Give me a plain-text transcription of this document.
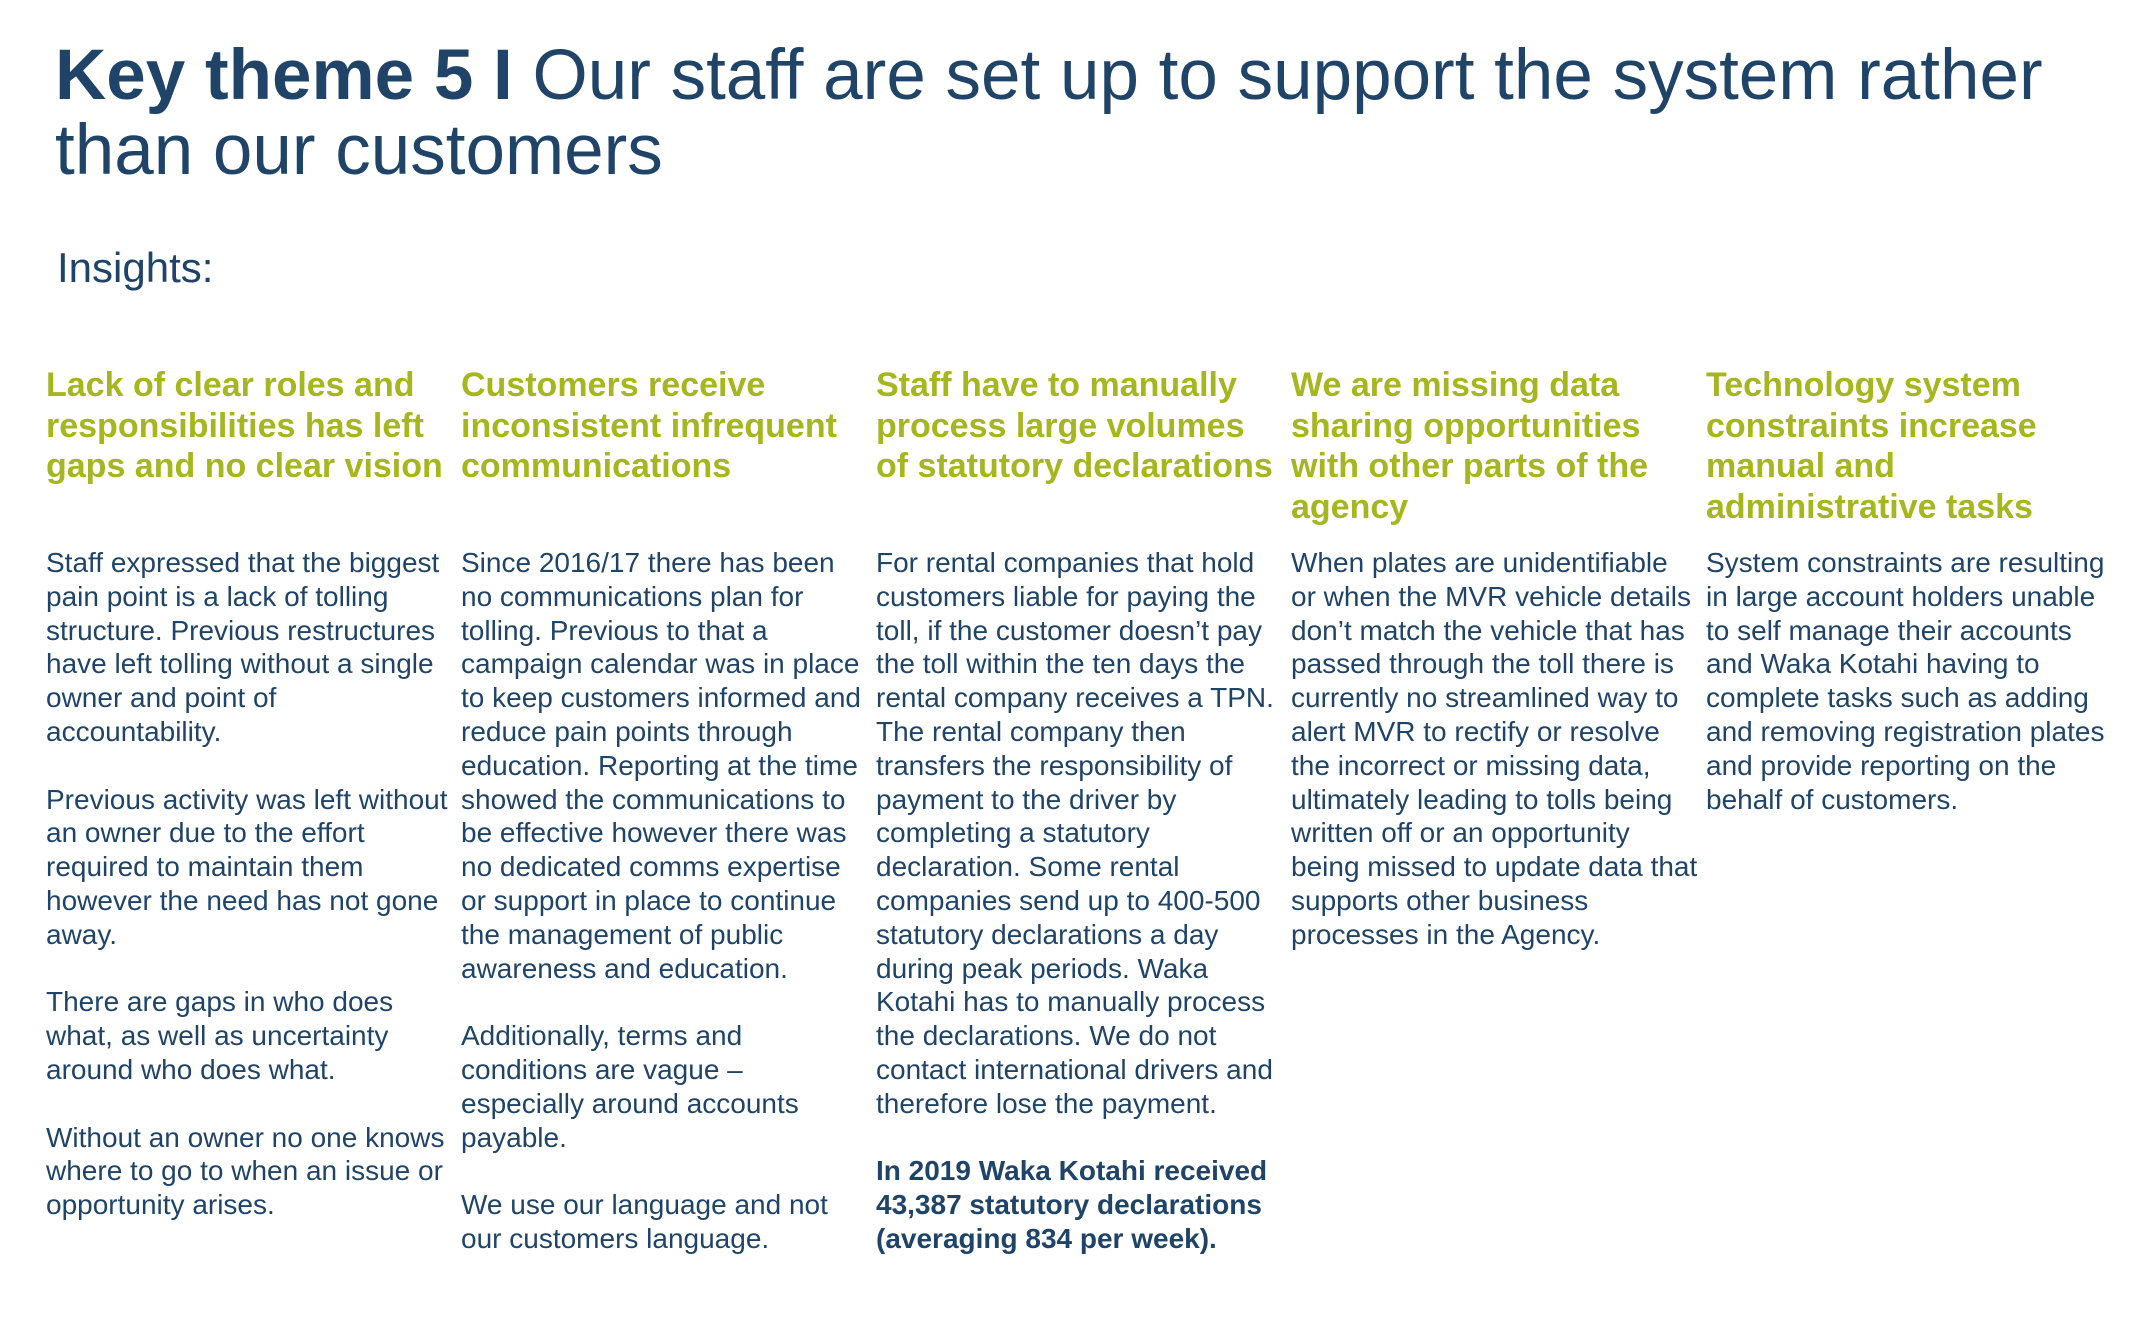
Key theme 5 I Our staff are set up to support the system rather than our customers
Insights:
Lack of clear roles and responsibilities has left gaps and no clear vision

Staff expressed that the biggest pain point is a lack of tolling structure. Previous restructures have left tolling without a single owner and point of accountability.

Previous activity was left without an owner due to the effort required to maintain them however the need has not gone away.

There are gaps in who does what, as well as uncertainty around who does what.

Without an owner no one knows where to go to when an issue or opportunity arises.

Customers receive inconsistent infrequent communications

Since 2016/17 there has been no communications plan for tolling. Previous to that a campaign calendar was in place to keep customers informed and reduce pain points through education. Reporting at the time showed the communications to be effective however there was no dedicated comms expertise or support in place to continue the management of public awareness and education.

Additionally, terms and conditions are vague – especially around accounts payable.

We use our language and not our customers language.

Staff have to manually process large volumes of statutory declarations

For rental companies that hold customers liable for paying the toll, if the customer doesn’t pay the toll within the ten days the rental company receives a TPN. The rental company then transfers the responsibility of payment to the driver by completing a statutory declaration. Some rental companies send up to 400-500 statutory declarations a day during peak periods. Waka Kotahi has to manually process the declarations. We do not contact international drivers and therefore lose the payment.

In 2019 Waka Kotahi received 43,387 statutory declarations (averaging 834 per week).

We are missing data sharing opportunities with other parts of the agency

When plates are unidentifiable or when the MVR vehicle details don’t match the vehicle that has passed through the toll there is currently no streamlined way to alert MVR to rectify or resolve the incorrect or missing data, ultimately leading to tolls being written off or an opportunity being missed to update data that supports other business processes in the Agency.

Technology system constraints increase manual and administrative tasks

System constraints are resulting in large account holders unable to self manage their accounts and Waka Kotahi having to complete tasks such as adding and removing registration plates and provide reporting on the behalf of customers.
